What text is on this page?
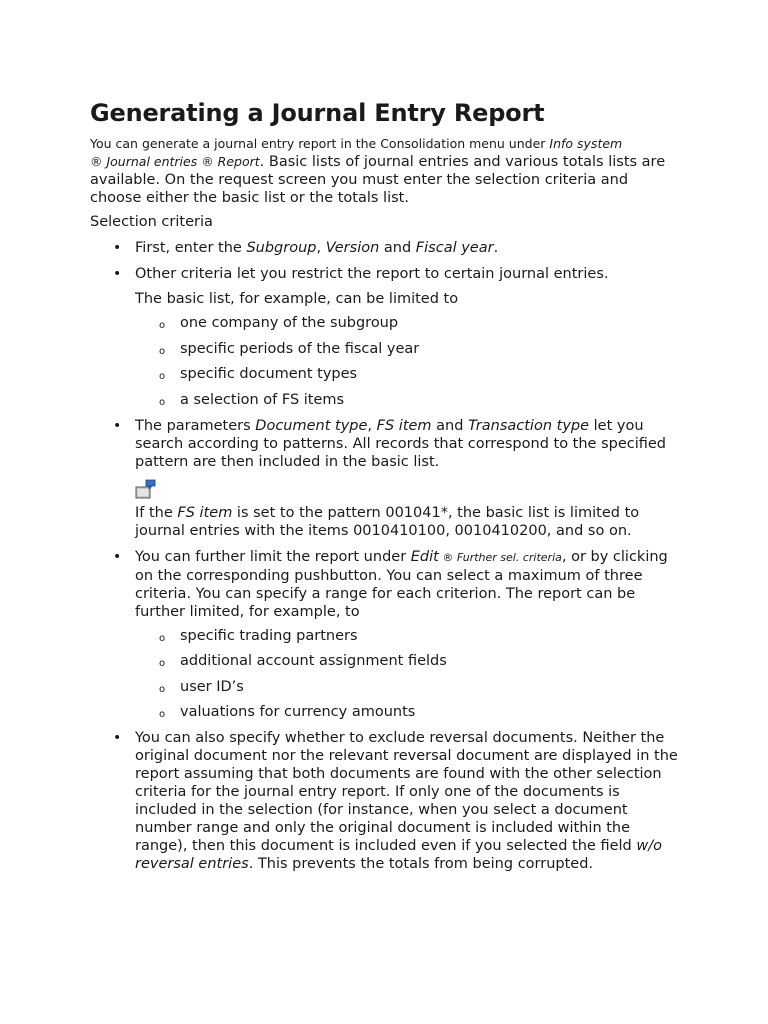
Generating a Journal Entry Report

You can generate a journal entry report in the Consolidation menu under Info system
® Journal entries ® Report. Basic lists of journal entries and various totals lists are available. On the request screen you must enter the selection criteria and choose either the basic list or the totals list.

Selection criteria

• First, enter the Subgroup, Version and Fiscal year.
• Other criteria let you restrict the report to certain journal entries.
The basic list, for example, can be limited to
o one company of the subgroup
o specific periods of the fiscal year
o specific document types
o a selection of FS items
• The parameters Document type, FS item and Transaction type let you search according to patterns. All records that correspond to the specified pattern are then included in the basic list.
If the FS item is set to the pattern 001041*, the basic list is limited to journal entries with the items 0010410100, 0010410200, and so on.
• You can further limit the report under Edit ® Further sel. criteria, or by clicking on the corresponding pushbutton. You can select a maximum of three criteria. You can specify a range for each criterion. The report can be further limited, for example, to
o specific trading partners
o additional account assignment fields
o user ID’s
o valuations for currency amounts
• You can also specify whether to exclude reversal documents. Neither the original document nor the relevant reversal document are displayed in the report assuming that both documents are found with the other selection criteria for the journal entry report. If only one of the documents is included in the selection (for instance, when you select a document number range and only the original document is included within the range), then this document is included even if you selected the field w/o reversal entries. This prevents the totals from being corrupted.
